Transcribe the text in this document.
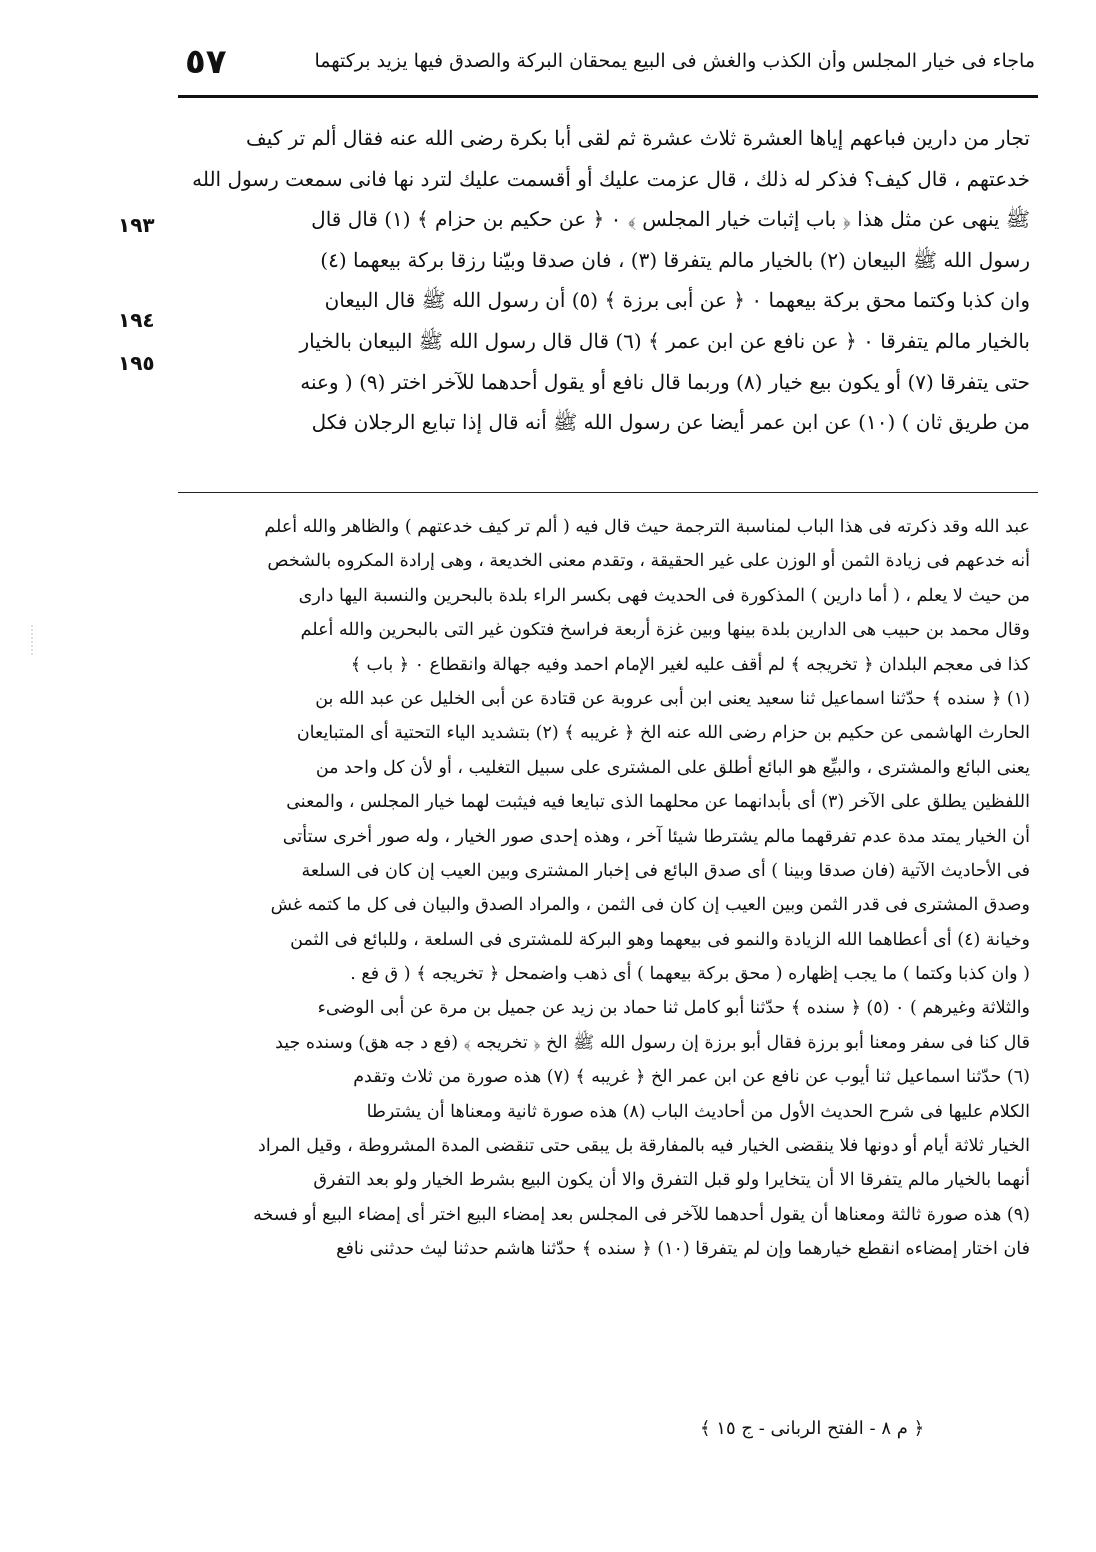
٥٧	ماجاء فى خيار المجلس وأن الكذب والغش فى البيع يمحقان البركة والصدق فيها يزيد بركتهما
١٩٣
١٩٤
١٩٥
تجار من دارين فباعهم إياها العشرة ثلاث عشرة ثم لقى أبا بكرة رضى الله عنه فقال ألم تر كيف
خدعتهم ، قال كيف؟ فذكر له ذلك ، قال عزمت عليك أو أقسمت عليك لترد نها فانى سمعت رسول الله
ﷺ ينهى عن مثل هذا ﴿ باب إثبات خيار المجلس ﴾ ٠ ﴿ عن حكيم بن حزام ﴾ (١) قال قال
رسول الله ﷺ البيعان (٢) بالخيار مالم يتفرقا (٣) ، فان صدقا وبيّنا رزقا بركة بيعهما (٤)
وان كذبا وكتما محق بركة بيعهما ٠ ﴿ عن أبى برزة ﴾ (٥) أن رسول الله ﷺ قال البيعان
بالخيار مالم يتفرقا ٠ ﴿ عن نافع عن ابن عمر ﴾ (٦) قال قال رسول الله ﷺ البيعان بالخيار
حتى يتفرقا (٧) أو يكون بيع خيار (٨) وربما قال نافع أو يقول أحدهما للآخر اختر (٩) ( وعنه
من طريق ثان ) (١٠) عن ابن عمر أيضا عن رسول الله ﷺ أنه قال إذا تبايع الرجلان فكل
عبد الله وقد ذكرته فى هذا الباب لمناسبة الترجمة حيث قال فيه ( ألم تر كيف خدعتهم ) والظاهر والله أعلم
أنه خدعهم فى زيادة الثمن أو الوزن على غير الحقيقة ، وتقدم معنى الخديعة ، وهى إرادة المكروه بالشخص
من حيث لا يعلم ، ( أما دارين ) المذكورة فى الحديث فهى بكسر الراء بلدة بالبحرين والنسبة اليها دارى
وقال محمد بن حبيب هى الدارين بلدة بينها وبين غزة أربعة فراسخ فتكون غير التى بالبحرين والله أعلم
كذا فى معجم البلدان ﴿ تخريجه ﴾ لم أقف عليه لغير الإمام احمد وفيه جهالة وانقطاع ٠ ﴿ باب ﴾
(١) ﴿ سنده ﴾ حدّثنا اسماعيل ثنا سعيد يعنى ابن أبى عروبة عن قتادة عن أبى الخليل عن عبد الله بن
الحارث الهاشمى عن حكيم بن حزام رضى الله عنه الخ ﴿ غريبه ﴾ (٢) بتشديد الياء التحتية أى المتبايعان
يعنى البائع والمشترى ، والبيِّع هو البائع أطلق على المشترى على سبيل التغليب ، أو لأن كل واحد من
اللفظين يطلق على الآخر (٣) أى بأبدانهما عن محلهما الذى تبايعا فيه فيثبت لهما خيار المجلس ، والمعنى
أن الخيار يمتد مدة عدم تفرقهما مالم يشترطا شيئا آخر ، وهذه إحدى صور الخيار ، وله صور أخرى ستأتى
فى الأحاديث الآتية (فان صدقا وبينا ) أى صدق البائع فى إخبار المشترى وبين العيب إن كان فى السلعة
وصدق المشترى فى قدر الثمن وبين العيب إن كان فى الثمن ، والمراد الصدق والبيان فى كل ما كتمه غش
وخيانة (٤) أى أعطاهما الله الزيادة والنمو فى بيعهما وهو البركة للمشترى فى السلعة ، وللبائع فى الثمن
( وان كذبا وكتما ) ما يجب إظهاره ( محق بركة بيعهما ) أى ذهب واضمحل ﴿ تخريجه ﴾ ( ق فع .
والثلاثة وغيرهم ) ٠ (٥) ﴿ سنده ﴾ حدّثنا أبو كامل ثنا حماد بن زيد عن جميل بن مرة عن أبى الوضىء
قال كنا فى سفر ومعنا أبو برزة فقال أبو برزة إن رسول الله ﷺ الخ ﴿ تخريجه ﴾ (فع د جه هق) وسنده جيد
(٦) حدّثنا اسماعيل ثنا أيوب عن نافع عن ابن عمر الخ ﴿ غريبه ﴾ (٧) هذه صورة من ثلاث وتقدم
الكلام عليها فى شرح الحديث الأول من أحاديث الباب (٨) هذه صورة ثانية ومعناها أن يشترطا
الخيار ثلاثة أيام أو دونها فلا ينقضى الخيار فيه بالمفارقة بل يبقى حتى تنقضى المدة المشروطة ، وقيل المراد
أنهما بالخيار مالم يتفرقا الا أن يتخايرا ولو قبل التفرق والا أن يكون البيع بشرط الخيار ولو بعد التفرق
(٩) هذه صورة ثالثة ومعناها أن يقول أحدهما للآخر فى المجلس بعد إمضاء البيع اختر أى إمضاء البيع أو فسخه
فان اختار إمضاءه انقطع خيارهما وإن لم يتفرقا (١٠) ﴿ سنده ﴾ حدّثنا هاشم حدثنا ليث حدثنى نافع
﴿ م ٨ - الفتح الربانى - ج ١٥ ﴾
